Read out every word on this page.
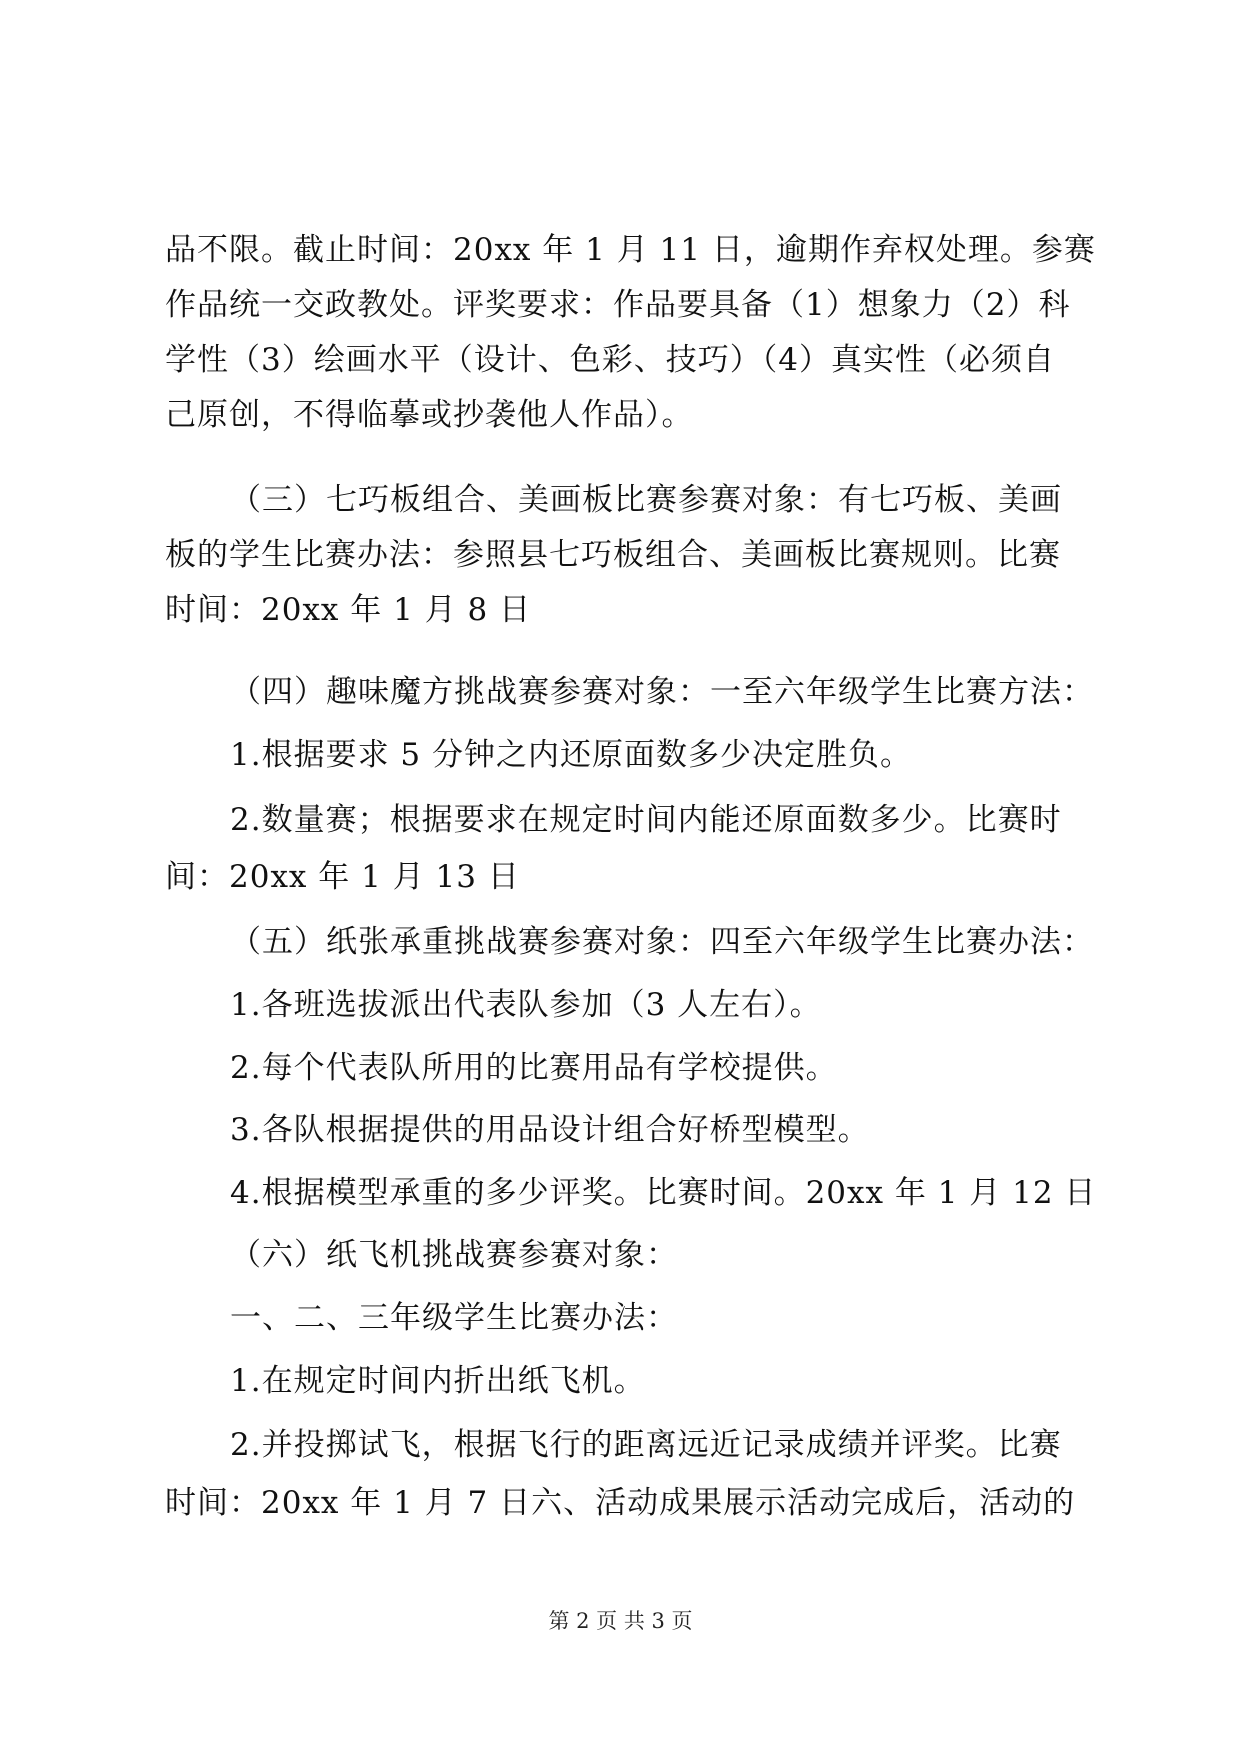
品不限。截止时间：20xx 年 1 月 11 日，逾期作弃权处理。参赛
作品统一交政教处。评奖要求：作品要具备（1）想象力（2）科
学性（3）绘画水平（设计、色彩、技巧）（4）真实性（必须自
己原创，不得临摹或抄袭他人作品）。
（三）七巧板组合、美画板比赛参赛对象：有七巧板、美画
板的学生比赛办法：参照县七巧板组合、美画板比赛规则。比赛
时间：20xx 年 1 月 8 日
（四）趣味魔方挑战赛参赛对象：一至六年级学生比赛方法：
1.根据要求 5 分钟之内还原面数多少决定胜负。
2.数量赛；根据要求在规定时间内能还原面数多少。比赛时
间：20xx 年 1 月 13 日
（五）纸张承重挑战赛参赛对象：四至六年级学生比赛办法：
1.各班选拔派出代表队参加（3 人左右）。
2.每个代表队所用的比赛用品有学校提供。
3.各队根据提供的用品设计组合好桥型模型。
4.根据模型承重的多少评奖。比赛时间。20xx 年 1 月 12 日
（六）纸飞机挑战赛参赛对象：
一、二、三年级学生比赛办法：
1.在规定时间内折出纸飞机。
2.并投掷试飞，根据飞行的距离远近记录成绩并评奖。比赛
时间：20xx 年 1 月 7 日六、活动成果展示活动完成后，活动的
第 2 页 共 3 页
